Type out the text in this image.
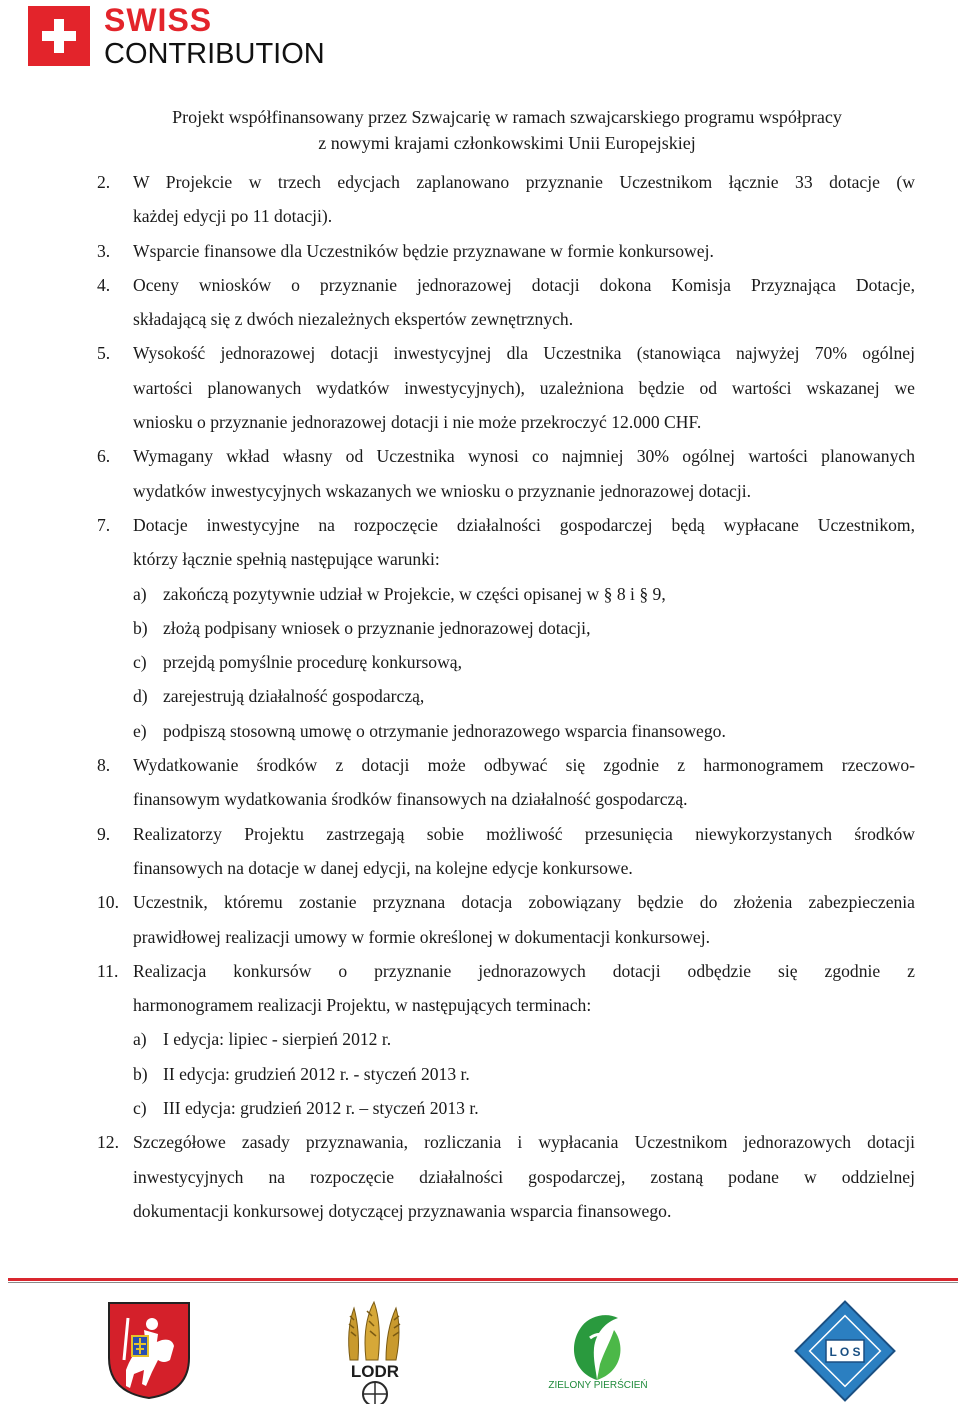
SWISS
CONTRIBUTION
Projekt współfinansowany przez Szwajcarię w ramach szwajcarskiego programu współpracy
z nowymi krajami członkowskimi Unii Europejskiej
2. W Projekcie w trzech edycjach zaplanowano przyznanie Uczestnikom łącznie 33 dotacje (w
każdej edycji po 11 dotacji).
3. Wsparcie finansowe dla Uczestników będzie przyznawane w formie konkursowej.
4. Oceny wniosków o przyznanie jednorazowej dotacji dokona Komisja Przyznająca Dotacje,
składającą się z dwóch niezależnych ekspertów zewnętrznych.
5. Wysokość jednorazowej dotacji inwestycyjnej dla Uczestnika (stanowiąca najwyżej 70% ogólnej
wartości planowanych wydatków inwestycyjnych), uzależniona będzie od wartości wskazanej we
wniosku o przyznanie jednorazowej dotacji i nie może przekroczyć 12.000 CHF.
6. Wymagany wkład własny od Uczestnika wynosi co najmniej 30% ogólnej wartości planowanych
wydatków inwestycyjnych wskazanych we wniosku o przyznanie jednorazowej dotacji.
7. Dotacje inwestycyjne na rozpoczęcie działalności gospodarczej będą wypłacane Uczestnikom,
którzy łącznie spełnią następujące warunki:
a) zakończą pozytywnie udział w Projekcie, w części opisanej w § 8 i § 9,
b) złożą podpisany wniosek o przyznanie jednorazowej dotacji,
c) przejdą pomyślnie procedurę konkursową,
d) zarejestrują działalność gospodarczą,
e) podpiszą stosowną umowę o otrzymanie jednorazowego wsparcia finansowego.
8. Wydatkowanie środków z dotacji może odbywać się zgodnie z harmonogramem rzeczowo-
finansowym wydatkowania środków finansowych na działalność gospodarczą.
9. Realizatorzy Projektu zastrzegają sobie możliwość przesunięcia niewykorzystanych środków
finansowych na dotacje w danej edycji, na kolejne edycje konkursowe.
10. Uczestnik, któremu zostanie przyznana dotacja zobowiązany będzie do złożenia zabezpieczenia
prawidłowej realizacji umowy w formie określonej w dokumentacji konkursowej.
11. Realizacja konkursów o przyznanie jednorazowych dotacji odbędzie się zgodnie z
harmonogramem realizacji Projektu, w następujących terminach:
a) I edycja: lipiec - sierpień 2012 r.
b) II edycja: grudzień 2012 r. - styczeń 2013 r.
c) III edycja: grudzień 2012 r. – styczeń 2013 r.
12. Szczegółowe zasady przyznawania, rozliczania i wypłacania Uczestnikom jednorazowych dotacji
inwestycyjnych na rozpoczęcie działalności gospodarczej, zostaną podane w oddzielnej
dokumentacji konkursowej dotyczącej przyznawania wsparcia finansowego.
LODR
ZIELONY PIERŚCIEŃ
L O S
